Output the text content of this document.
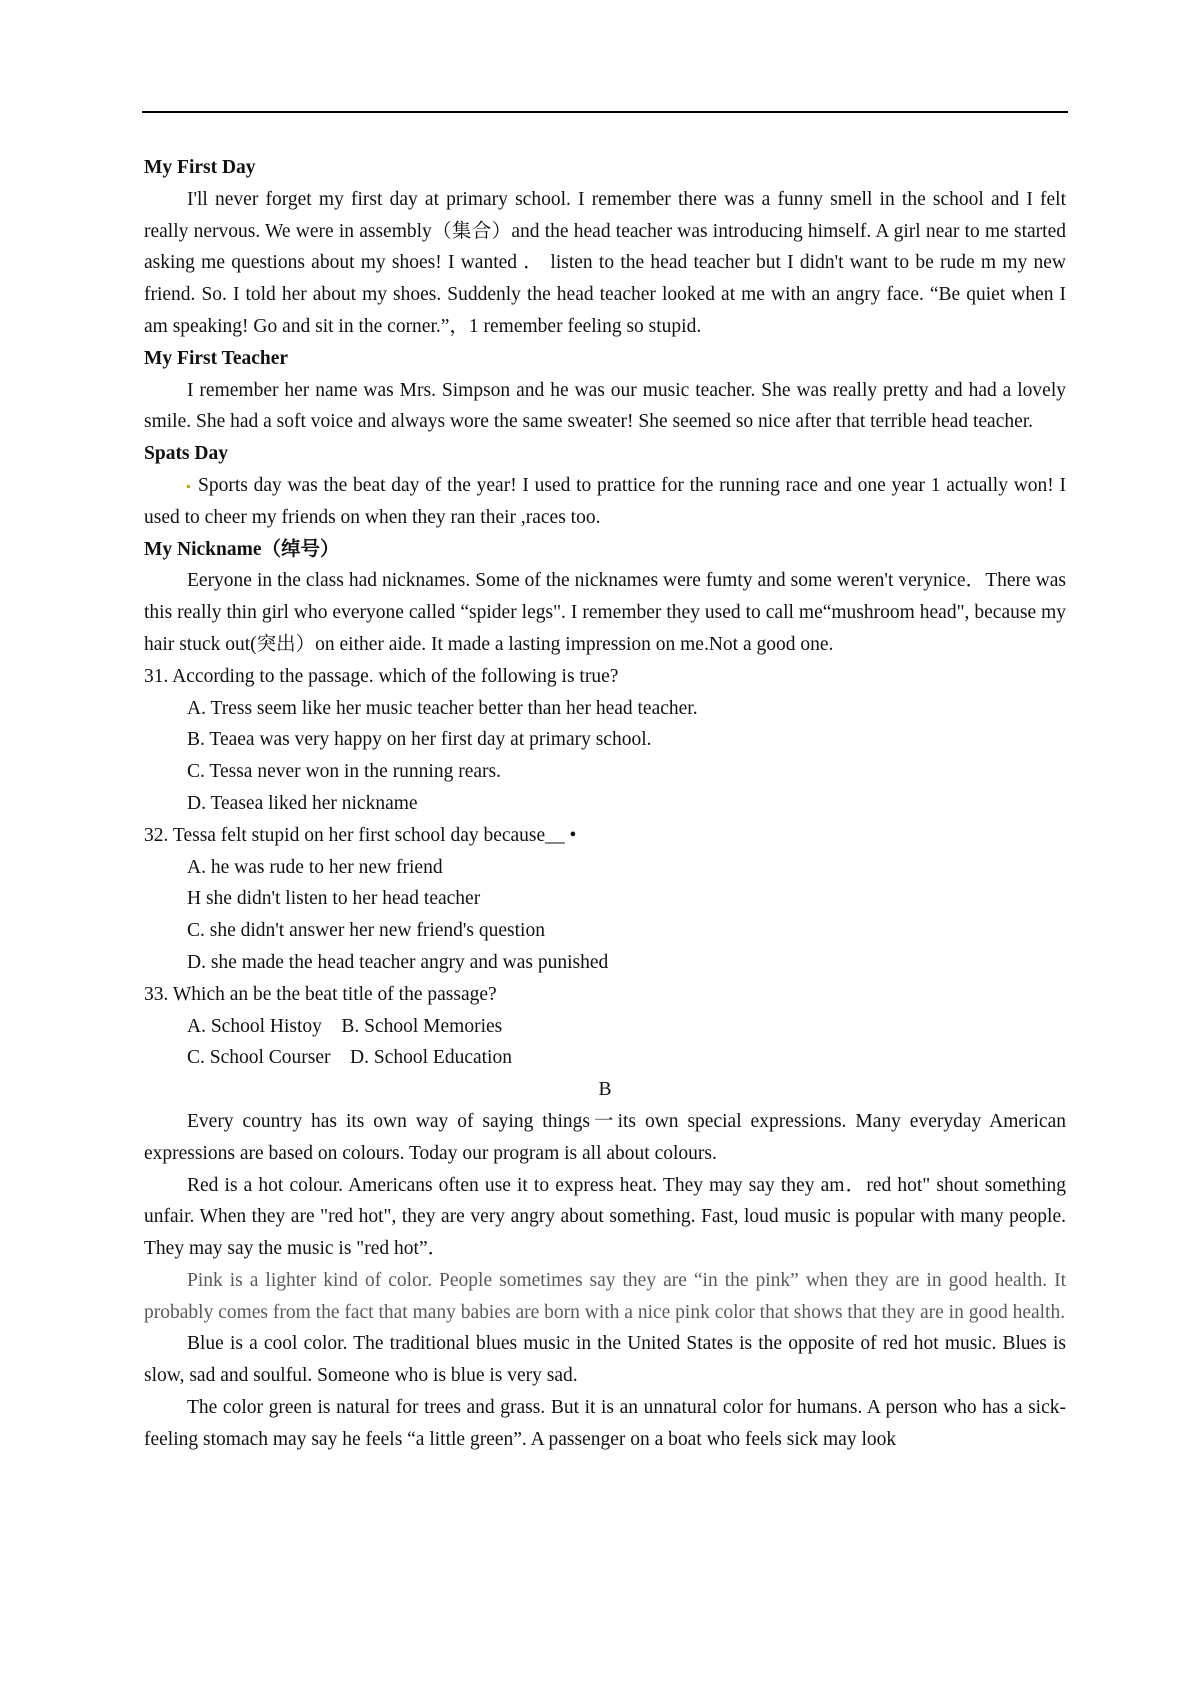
My First Day

I'll never forget my first day at primary school. I remember there was a funny smell in the school and I felt really nervous. We were in assembly（集合）and the head teacher was introducing himself. A girl near to me started asking me questions about my shoes! I wanted ． listen to the head teacher but I didn't want to be rude m my new friend. So. I told her about my shoes. Suddenly the head teacher looked at me with an angry face. “Be quiet when I am speaking! Go and sit in the corner.”，1 remember feeling so stupid.

My First Teacher

I remember her name was Mrs. Simpson and he was our music teacher. She was really pretty and had a lovely smile. She had a soft voice and always wore the same sweater! She seemed so nice after that terrible head teacher.

Spats Day

Sports day was the beat day of the year! I used to prattice for the running race and one year 1 actually won! I used to cheer my friends on when they ran their ,races too.

My Nickname（绰号）

Eeryone in the class had nicknames. Some of the nicknames were fumty and some weren't verynice．There was this really thin girl who everyone called “spider legs". I remember they used to call me“mushroom head", because my hair stuck out(突出）on either aide. It made a lasting impression on me.Not a good one.

31. According to the passage. which of the following is true?

A. Tress seem like her music teacher better than her head teacher.

B. Teaea was very happy on her first day at primary school.

C. Tessa never won in the running rears.

D. Teasea liked her nickname

32. Tessa felt stupid on her first school day because__ •

A. he was rude to her new friend

H she didn't listen to her head teacher

C. she didn't answer her new friend's question

D. she made the head teacher angry and was punished

33. Which an be the beat title of the passage?

A. School Histoy    B. School Memories

C. School Courser    D. School Education

B

Every country has its own way of saying things一its own special expressions. Many everyday American expressions are based on colours. Today our program is all about colours.

Red is a hot colour. Americans often use it to express heat. They may say they am．red hot" shout something unfair. When they are "red hot", they are very angry about something. Fast, loud music is popular with many people. They may say the music is "red hot”．

Pink is a lighter kind of color. People sometimes say they are “in the pink” when they are in good health. It probably comes from the fact that many babies are born with a nice pink color that shows that they are in good health.

Blue is a cool color. The traditional blues music in the United States is the opposite of red hot music. Blues is slow, sad and soulful. Someone who is blue is very sad.

The color green is natural for trees and grass. But it is an unnatural color for humans. A person who has a sick-feeling stomach may say he feels “a little green”. A passenger on a boat who feels sick may look
